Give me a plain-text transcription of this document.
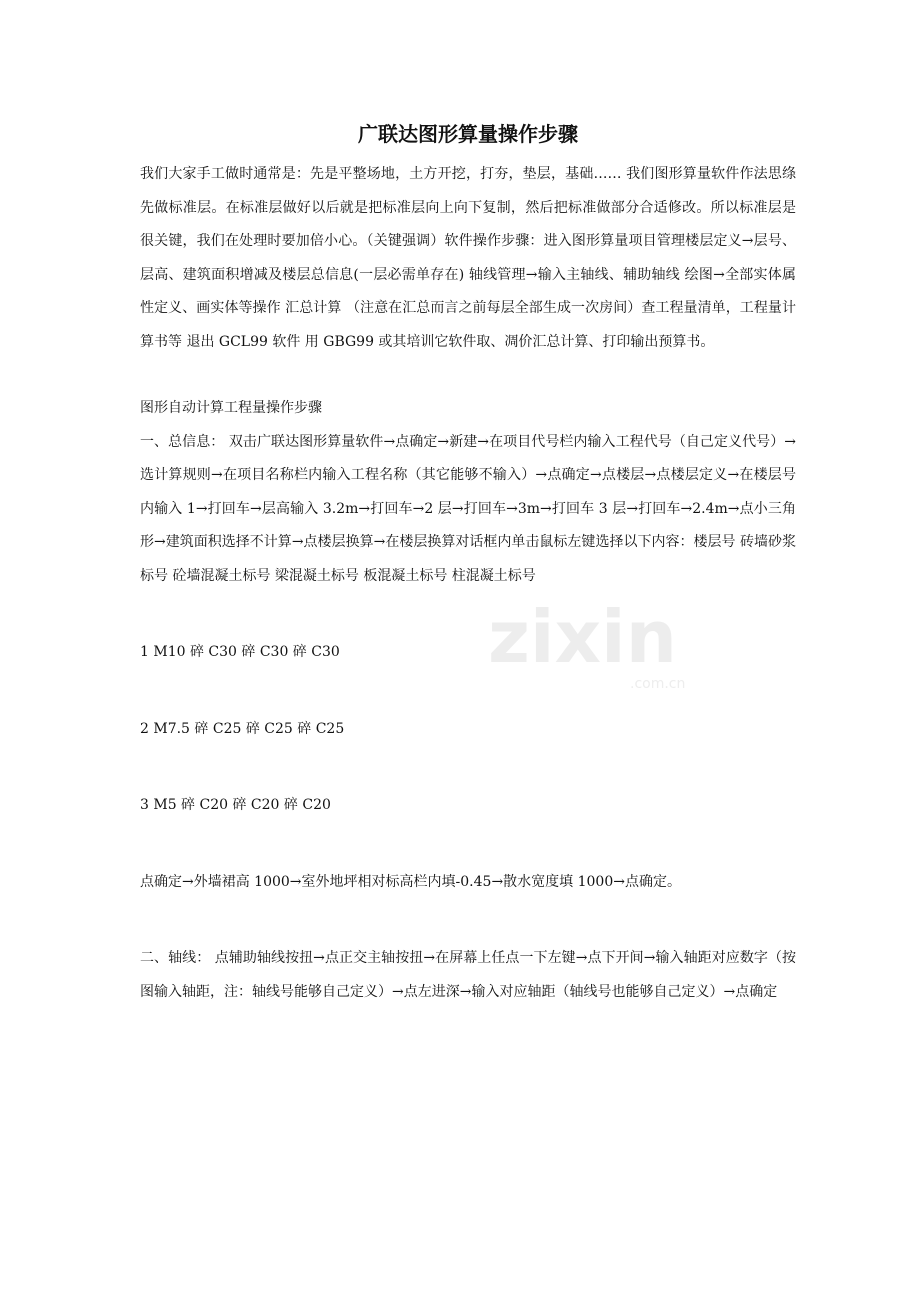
zixin
.com.cn
广联达图形算量操作步骤

我们大家手工做时通常是：先是平整场地，土方开挖，打夯，垫层，基础…… 我们图形算量软件作法思绦 先做标准层。在标准层做好以后就是把标准层向上向下复制，然后把标准做部分合适修改。所以标准层是很关键，我们在处理时要加倍小心。（关键强调）软件操作步骤：进入图形算量项目管理楼层定义→层号、层高、建筑面积增减及楼层总信息(一层必需单存在) 轴线管理→输入主轴线、辅助轴线 绘图→全部实体属性定义、画实体等操作 汇总计算 （注意在汇总而言之前每层全部生成一次房间）查工程量清单，工程量计算书等 退出 GCL99 软件 用 GBG99 或其培训它软件取、凋价汇总计算、打印输出预算书。

图形自动计算工程量操作步骤

一、总信息： 双击广联达图形算量软件→点确定→新建→在项目代号栏内输入工程代号（自己定义代号）→选计算规则→在项目名称栏内输入工程名称（其它能够不输入）→点确定→点楼层→点楼层定义→在楼层号内输入 1→打回车→层高输入 3.2m→打回车→2 层→打回车→3m→打回车 3 层→打回车→2.4m→点小三角形→建筑面积选择不计算→点楼层换算→在楼层换算对话框内单击鼠标左键选择以下内容：楼层号 砖墙砂浆标号 砼墙混凝土标号 梁混凝土标号 板混凝土标号 柱混凝土标号

1 M10 碎 C30 碎 C30 碎 C30

2 M7.5 碎 C25 碎 C25 碎 C25

3 M5 碎 C20 碎 C20 碎 C20

点确定→外墙裙高 1000→室外地坪相对标高栏内填-0.45→散水宽度填 1000→点确定。

二、轴线： 点辅助轴线按扭→点正交主轴按扭→在屏幕上任点一下左键→点下开间→输入轴距对应数字（按图输入轴距，注：轴线号能够自己定义）→点左进深→输入对应轴距（轴线号也能够自己定义）→点确定
